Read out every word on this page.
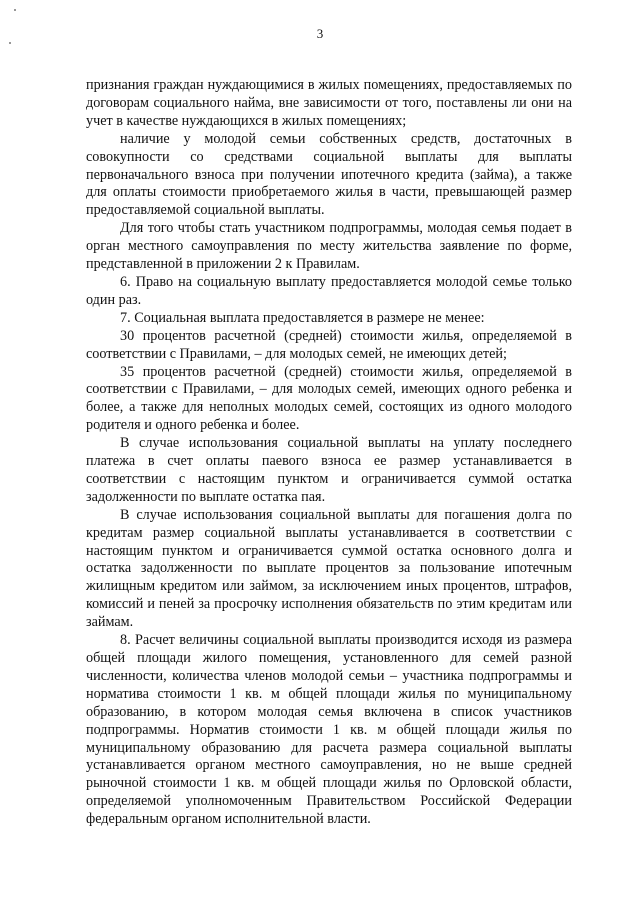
3

признания граждан нуждающимися в жилых помещениях, предоставляемых по договорам социального найма, вне зависимости от того, поставлены ли они на учет в качестве нуждающихся в жилых помещениях;

наличие у молодой семьи собственных средств, достаточных в совокупности со средствами социальной выплаты для выплаты первоначального взноса при получении ипотечного кредита (займа), а также для оплаты стоимости приобретаемого жилья в части, превышающей размер предоставляемой социальной выплаты.

Для того чтобы стать участником подпрограммы, молодая семья подает в орган местного самоуправления по месту жительства заявление по форме, представленной в приложении 2 к Правилам.

6. Право на социальную выплату предоставляется молодой семье только один раз.

7. Социальная выплата предоставляется в размере не менее:

30 процентов расчетной (средней) стоимости жилья, определяемой в соответствии с Правилами, – для молодых семей, не имеющих детей;

35 процентов расчетной (средней) стоимости жилья, определяемой в соответствии с Правилами, – для молодых семей, имеющих одного ребенка и более, а также для неполных молодых семей, состоящих из одного молодого родителя и одного ребенка и более.

В случае использования социальной выплаты на уплату последнего платежа в счет оплаты паевого взноса ее размер устанавливается в соответствии с настоящим пунктом и ограничивается суммой остатка задолженности по выплате остатка пая.

В случае использования социальной выплаты для погашения долга по кредитам размер социальной выплаты устанавливается в соответствии с настоящим пунктом и ограничивается суммой остатка основного долга и остатка задолженности по выплате процентов за пользование ипотечным жилищным кредитом или займом, за исключением иных процентов, штрафов, комиссий и пеней за просрочку исполнения обязательств по этим кредитам или займам.

8. Расчет величины социальной выплаты производится исходя из размера общей площади жилого помещения, установленного для семей разной численности, количества членов молодой семьи – участника подпрограммы и норматива стоимости 1 кв. м общей площади жилья по муниципальному образованию, в котором молодая семья включена в список участников подпрограммы. Норматив стоимости 1 кв. м общей площади жилья по муниципальному образованию для расчета размера социальной выплаты устанавливается органом местного самоуправления, но не выше средней рыночной стоимости 1 кв. м общей площади жилья по Орловской области, определяемой уполномоченным Правительством Российской Федерации федеральным органом исполнительной власти.
